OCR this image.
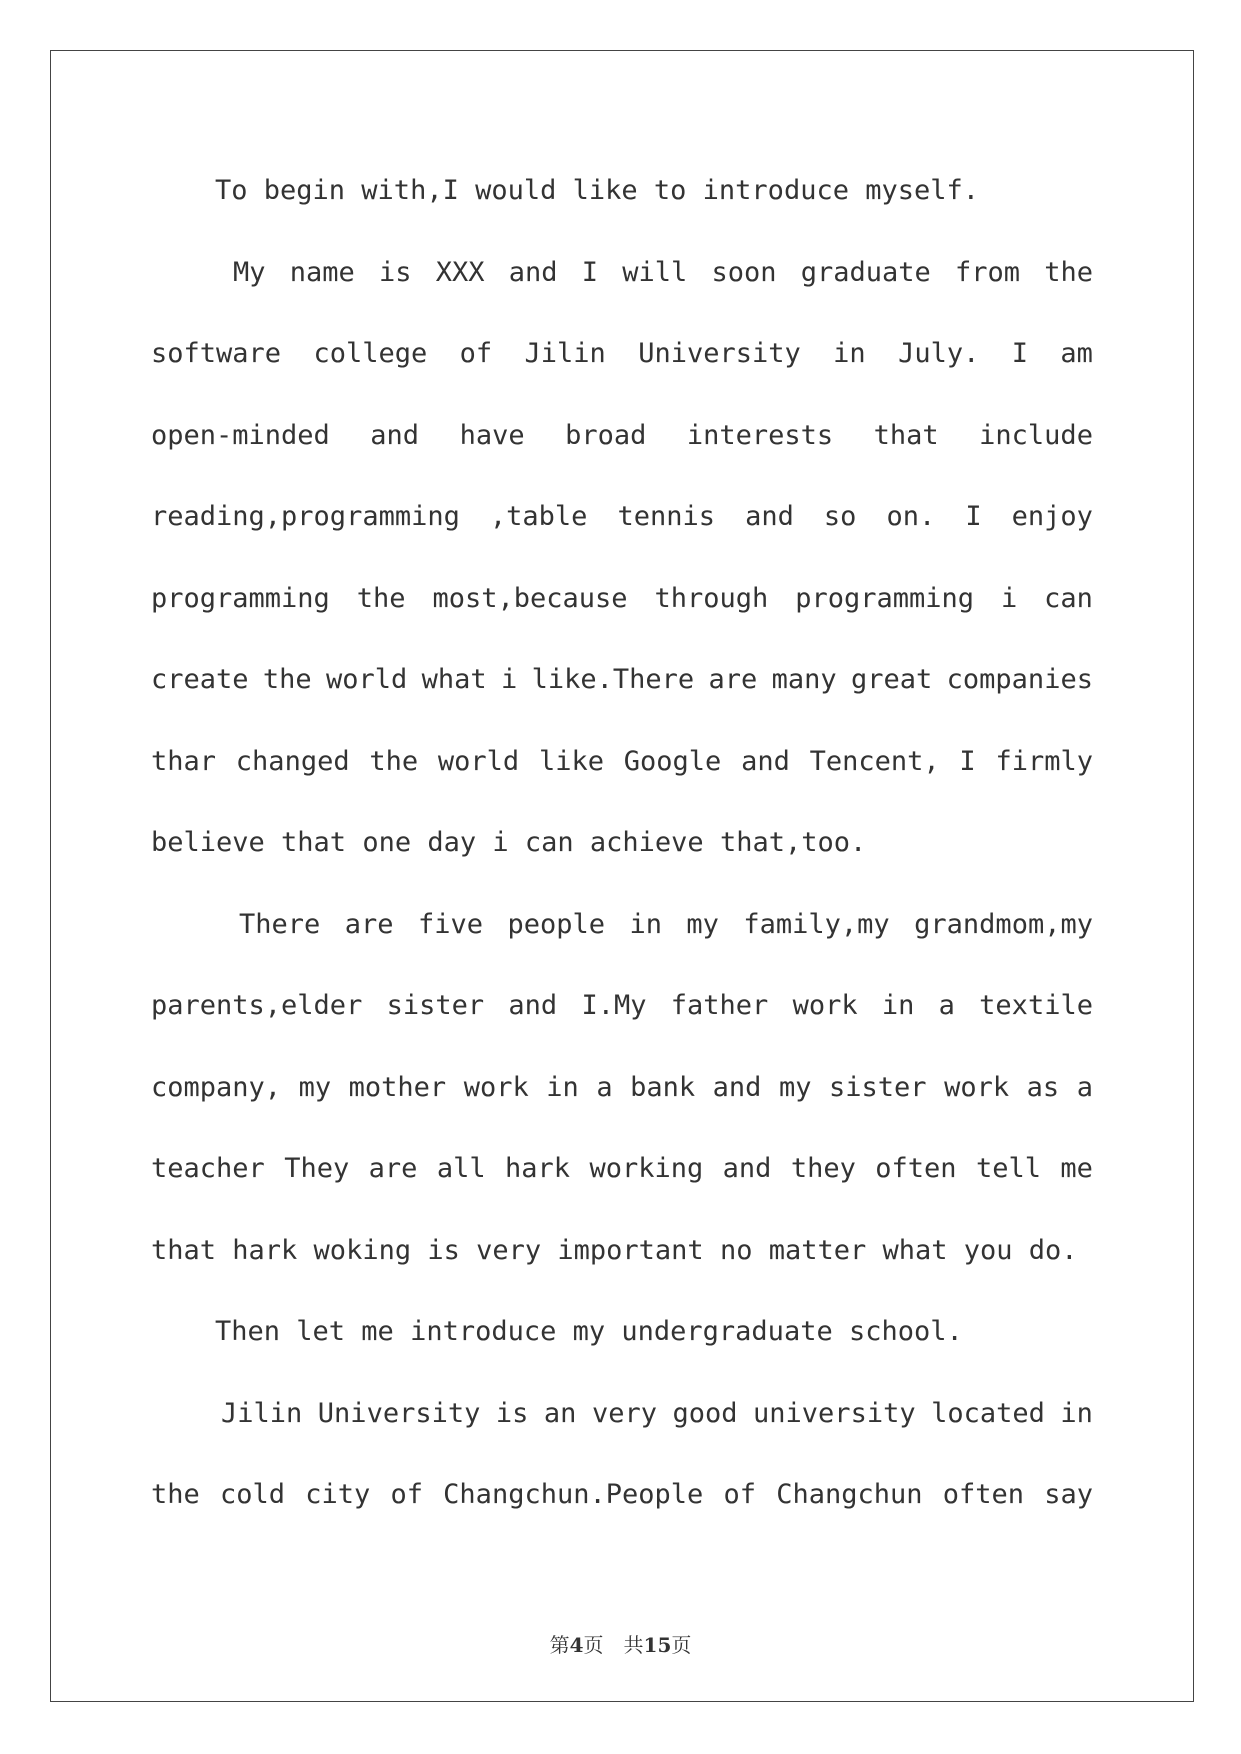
To begin with,I would like to introduce myself.
My name is XXX and I will soon graduate from the
software college of Jilin University in July. I am
open-minded and have broad interests that include
reading,programming ,table tennis and so on. I enjoy
programming the most,because through programming i can
create the world what i like.There are many great companies
thar changed the world like Google and Tencent, I firmly
believe that one day i can achieve that,too.
There are five people in my family,my grandmom,my
parents,elder sister and I.My father work in a textile
company, my mother work in a bank and my sister work as a
teacher They are all hark working and they often tell me
that hark woking is very important no matter what you do.
Then let me introduce my undergraduate school.
Jilin University is an very good university located in
the cold city of Changchun.People of Changchun often say
第4页　共15页
